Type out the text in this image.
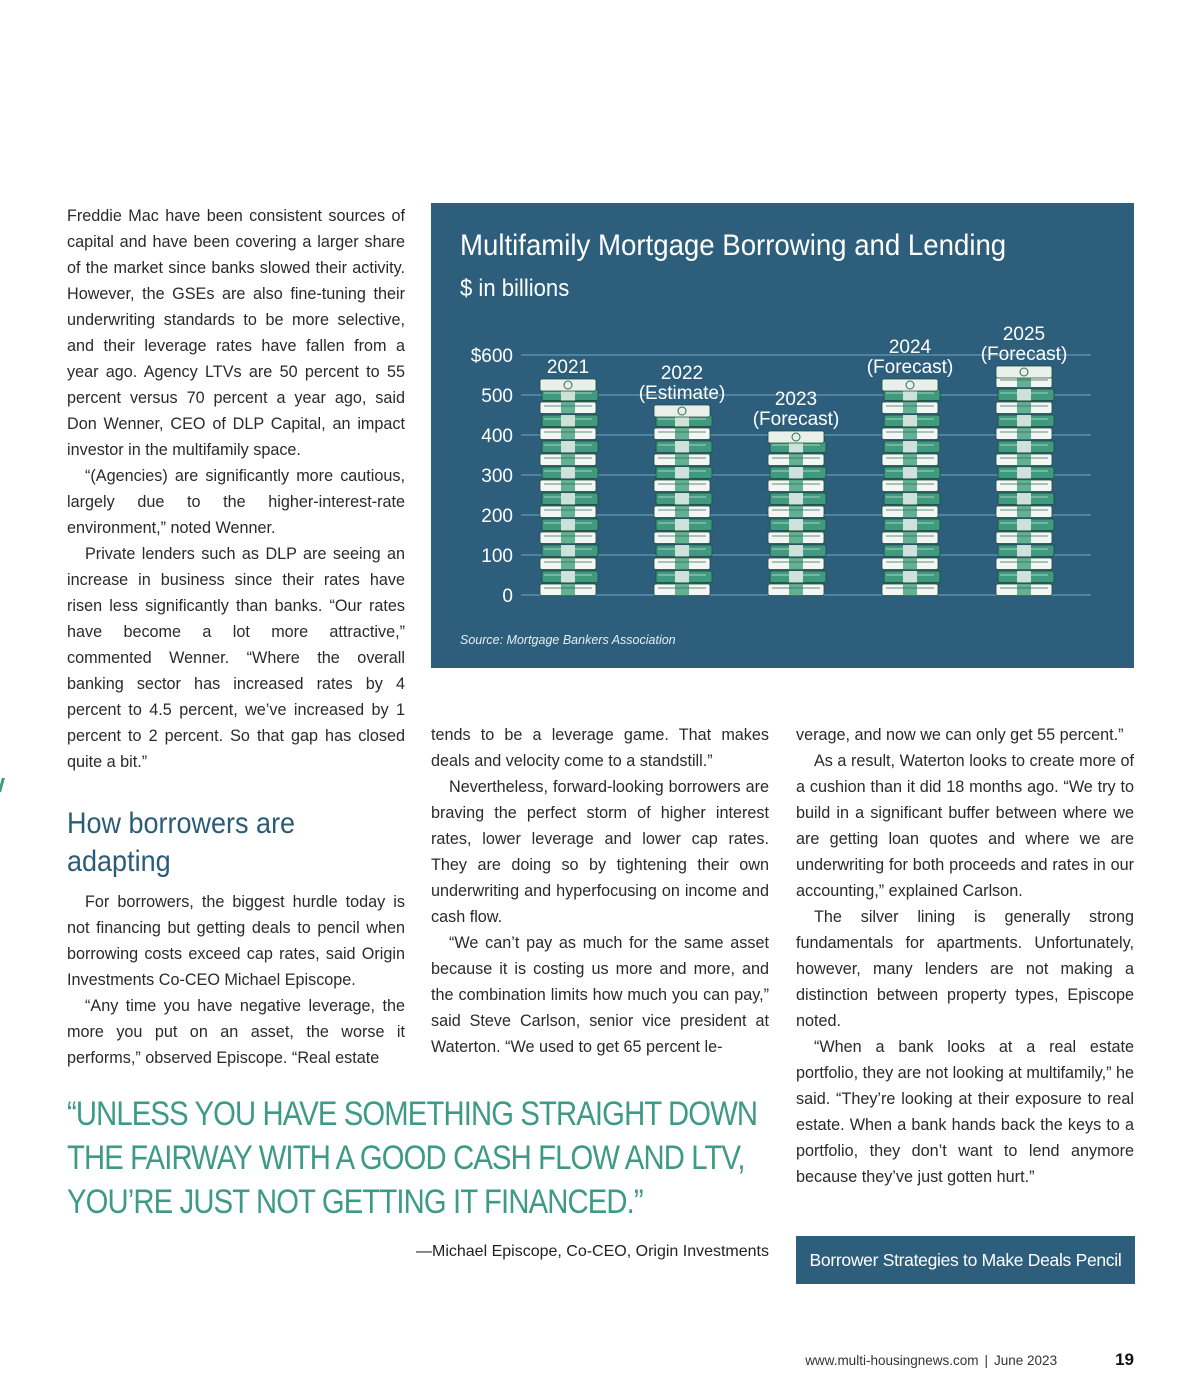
Freddie Mac have been consistent sources of capital and have been covering a larger share of the market since banks slowed their activity. However, the GSEs are also fine-tuning their underwriting standards to be more selective, and their leverage rates have fallen from a year ago. Agency LTVs are 50 percent to 55 percent versus 70 percent a year ago, said Don Wenner, CEO of DLP Capital, an impact investor in the multifamily space.

“(Agencies) are significantly more cautious, largely due to the higher-interest-rate environment,” noted Wenner.

Private lenders such as DLP are seeing an increase in business since their rates have risen less significantly than banks. “Our rates have become a lot more attractive,” commented Wenner. “Where the overall banking sector has increased rates by 4 percent to 4.5 percent, we’ve increased by 1 percent to 2 percent. So that gap has closed quite a bit.”

How borrowers are adapting

For borrowers, the biggest hurdle today is not financing but getting deals to pencil when borrowing costs exceed cap rates, said Origin Investments Co-CEO Michael Episcope.

“Any time you have negative leverage, the more you put on an asset, the worse it performs,” observed Episcope. “Real estate

Multifamily Mortgage Borrowing and Lending
$ in billions
$600
500
400
300
200
100
0
2021	2022
(Estimate)	2023
(Forecast)
2024
(Forecast)
2025
(Forecast)
Source: Mortgage Bankers Association

tends to be a leverage game. That makes deals and velocity come to a standstill.”

Nevertheless, forward-looking borrowers are braving the perfect storm of higher interest rates, lower leverage and lower cap rates. They are doing so by tightening their own underwriting and hyperfocusing on income and cash flow.

“We can’t pay as much for the same asset because it is costing us more and more, and the combination limits how much you can pay,” said Steve Carlson, senior vice president at Waterton. “We used to get 65 percent le-

verage, and now we can only get 55 percent.”

As a result, Waterton looks to create more of a cushion than it did 18 months ago. “We try to build in a significant buffer between where we are getting loan quotes and where we are underwriting for both proceeds and rates in our accounting,” explained Carlson.

The silver lining is generally strong fundamentals for apartments. Unfortunately, however, many lenders are not making a distinction between property types, Episcope noted.

“When a bank looks at a real estate portfolio, they are not looking at multifamily,” he said. “They’re looking at their exposure to real estate. When a bank hands back the keys to a portfolio, they don’t want to lend anymore because they’ve just gotten hurt.”

“UNLESS YOU HAVE SOMETHING STRAIGHT DOWN THE FAIRWAY WITH A GOOD CASH FLOW AND LTV, YOU’RE JUST NOT GETTING IT FINANCED.”
—Michael Episcope, Co-CEO, Origin Investments	Borrower Strategies to Make Deals Pencil
www.multi-housingnews.com | June 2023	19
